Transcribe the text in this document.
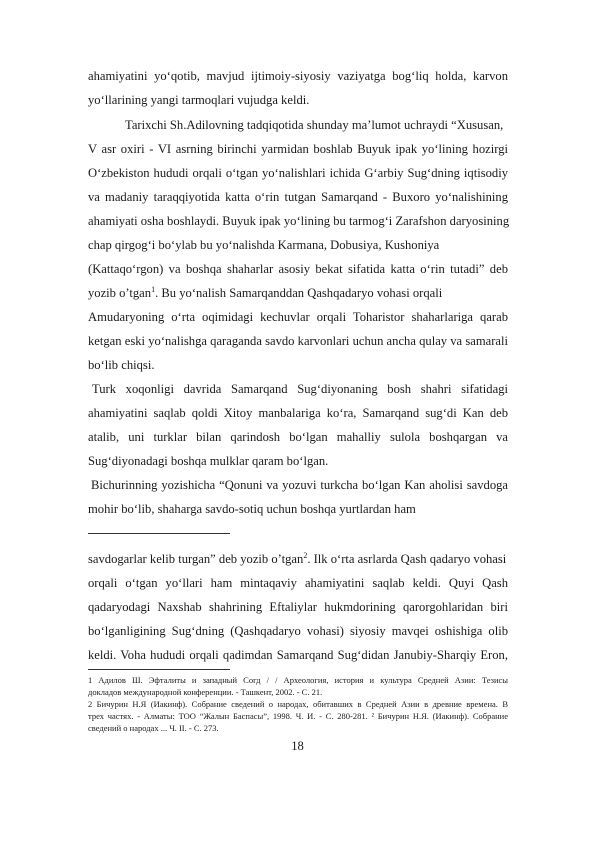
ahamiyatini yo‘qotib, mavjud ijtimoiy-siyosiy vaziyatga bog‘liq holda, karvon
yo‘llarining yangi tarmoqlari vujudga keldi.
Tarixchi Sh.Adilovning tadqiqotida shunday ma’lumot uchraydi “Xususan,
V asr oxiri - VI asrning birinchi yarmidan boshlab Buyuk ipak yo‘lining hozirgi
O‘zbekiston hududi orqali o‘tgan yo‘nalishlari ichida G‘arbiy Sug‘dning iqtisodiy
va madaniy taraqqiyotida katta o‘rin tutgan Samarqand - Buxoro yo‘nalishining
ahamiyati osha boshlaydi. Buyuk ipak yo‘lining bu tarmog‘i Zarafshon daryosining
chap qirgog‘i bo‘ylab bu yo‘nalishda Karmana, Dobusiya, Kushoniya
(Kattaqo‘rgon) va boshqa shaharlar asosiy bekat sifatida katta o‘rin tutadi” deb
yozib o’tgan$^1$. Bu yo‘nalish Samarqanddan Qashqadaryo vohasi orqali
Amudaryoning o‘rta oqimidagi kechuvlar orqali Toharistor shaharlariga qarab
ketgan eski yo‘nalishga qaraganda savdo karvonlari uchun ancha qulay va samarali
bo‘lib chiqsi.
Turk xoqonligi davrida Samarqand Sug‘diyonaning bosh shahri sifatidagi
ahamiyatini saqlab qoldi Xitoy manbalariga ko‘ra, Samarqand sug‘di Kan deb
atalib, uni turklar bilan qarindosh bo‘lgan mahalliy sulola boshqargan va
Sug‘diyonadagi boshqa mulklar qaram bo‘lgan.
Bichurinning yozishicha “Qonuni va yozuvi turkcha bo‘lgan Kan aholisi savdoga
mohir bo‘lib, shaharga savdo-sotiq uchun boshqa yurtlardan ham
savdogarlar kelib turgan” deb yozib o’tgan$^2$. Ilk o‘rta asrlarda Qash qadaryo vohasi
orqali o‘tgan yo‘llari ham mintaqaviy ahamiyatini saqlab keldi. Quyi Qash
qadaryodagi Naxshab shahrining Eftaliylar hukmdorining qarorgohlaridan biri
bo‘lganligining Sug‘dning (Qashqadaryo vohasi) siyosiy mavqei oshishiga olib
keldi. Voha hududi orqali qadimdan Samarqand Sug‘didan Janubiy-Sharqiy Eron,
1 Адилов Ш. Эфталиты и западный Согд / / Археология, история и культура Средней Азии: Тезисы
докладов международной конференции. - Ташкент, 2002. - С. 21.
2 Бичурин Н.Я (Иакинф). Собрание сведений о народах, обитавших в Средней Азии в древние времена. В
трех частях. - Алматы: ТОО “Жалын Баспасы”, 1998. Ч. И. - С. 280-281. ² Бичурин Н.Я. (Иакинф). Собрание
сведений о народах ... Ч. II. - С. 273.
18
